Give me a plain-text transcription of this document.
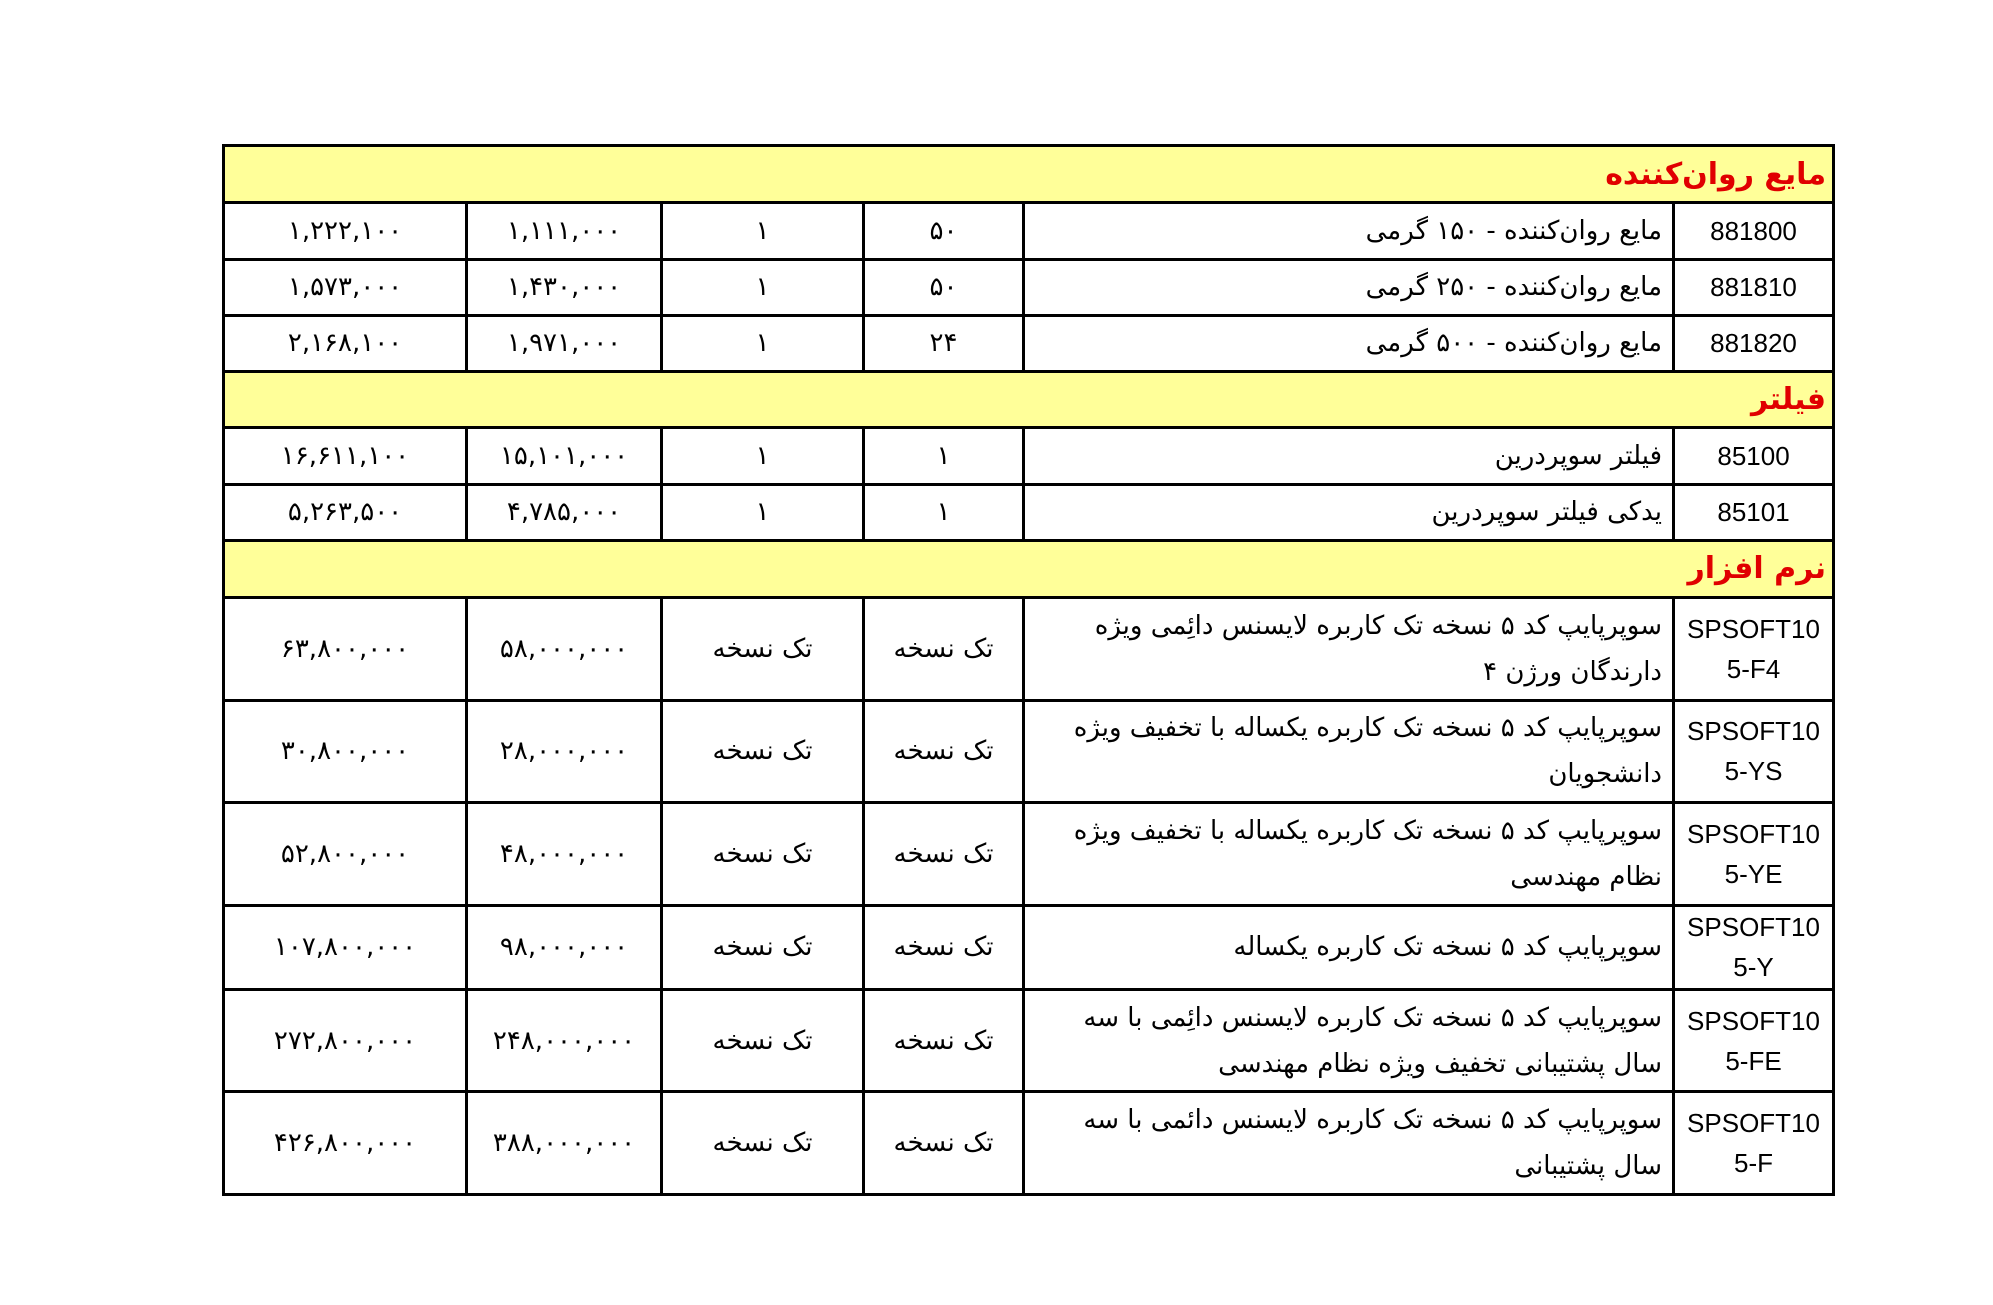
مایع روان‌کننده					
881800	مایع روان‌کننده - ۱۵۰ گرمی	۵۰	۱	۱,۱۱۱,۰۰۰	۱,۲۲۲,۱۰۰
881810	مایع روان‌کننده - ۲۵۰ گرمی	۵۰	۱	۱,۴۳۰,۰۰۰	۱,۵۷۳,۰۰۰
881820	مایع روان‌کننده - ۵۰۰ گرمی	۲۴	۱	۱,۹۷۱,۰۰۰	۲,۱۶۸,۱۰۰
فیلتر					
85100	فیلتر سوپردرین	۱	۱	۱۵,۱۰۱,۰۰۰	۱۶,۶۱۱,۱۰۰
85101	یدکی فیلتر سوپردرین	۱	۱	۴,۷۸۵,۰۰۰	۵,۲۶۳,۵۰۰
نرم افزار					
SPSOFT105-F4	سوپرپایپ کد ۵ نسخه تک کاربره لایسنس دائِمی ویژه دارندگان ورژن ۴	تک نسخه	تک نسخه	۵۸,۰۰۰,۰۰۰	۶۳,۸۰۰,۰۰۰
SPSOFT105-YS	سوپرپایپ کد ۵ نسخه تک کاربره یکساله با تخفیف ویژه دانشجویان	تک نسخه	تک نسخه	۲۸,۰۰۰,۰۰۰	۳۰,۸۰۰,۰۰۰
SPSOFT105-YE	سوپرپایپ کد ۵ نسخه تک کاربره یکساله با تخفیف ویژه نظام مهندسی	تک نسخه	تک نسخه	۴۸,۰۰۰,۰۰۰	۵۲,۸۰۰,۰۰۰
SPSOFT105-Y	سوپرپایپ کد ۵ نسخه تک کاربره یکساله	تک نسخه	تک نسخه	۹۸,۰۰۰,۰۰۰	۱۰۷,۸۰۰,۰۰۰
SPSOFT105-FE	سوپرپایپ کد ۵ نسخه تک کاربره لایسنس دائِمی با سه سال پشتیبانی تخفیف ویژه نظام مهندسی	تک نسخه	تک نسخه	۲۴۸,۰۰۰,۰۰۰	۲۷۲,۸۰۰,۰۰۰
SPSOFT105-F	سوپرپایپ کد ۵ نسخه تک کاربره لایسنس دائمی با سه سال پشتیبانی	تک نسخه	تک نسخه	۳۸۸,۰۰۰,۰۰۰	۴۲۶,۸۰۰,۰۰۰
